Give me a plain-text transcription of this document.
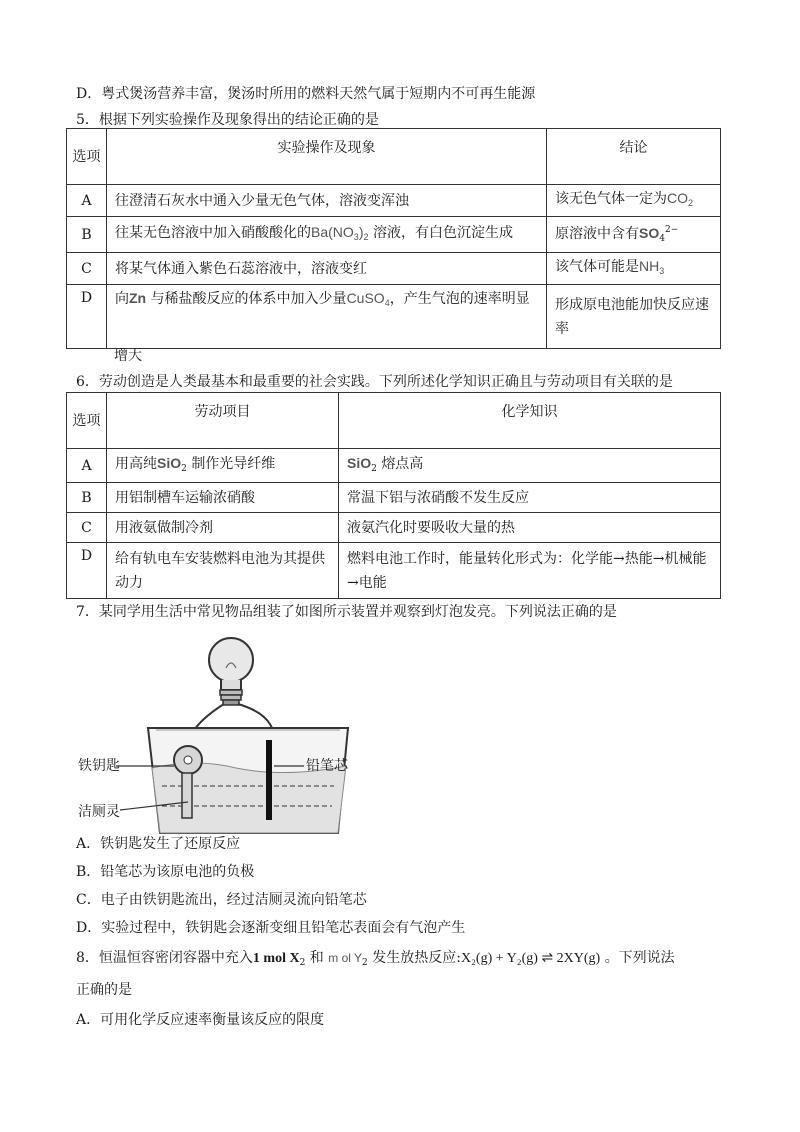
D．粤式煲汤营养丰富，煲汤时所用的燃料天然气属于短期内不可再生能源
5．根据下列实验操作及现象得出的结论正确的是
选项	实验操作及现象	结论
A	往澄清石灰水中通入少量无色气体，溶液变浑浊	该无色气体一定为$CO_2$
B	往某无色溶液中加入硝酸酸化的$Ba(NO_3)_2$ 溶液，有白色沉淀生成	原溶液中含有$SO_4^{2-}$
C	将某气体通入紫色石蕊溶液中，溶液变红	该气体可能是$NH_3$
D	向Zn 与稀盐酸反应的体系中加入少量CuSO$_4$，产生气泡的速率明显	形成原电池能加快反应速率
增大
6．劳动创造是人类最基本和最重要的社会实践。下列所述化学知识正确且与劳动项目有关联的是
选项	劳动项目	化学知识
A	用高纯SiO$_2$ 制作光导纤维	SiO$_2$ 熔点高
B	用铝制槽车运输浓硝酸	常温下铝与浓硝酸不发生反应
C	用液氨做制冷剂	液氨汽化时要吸收大量的热
D	给有轨电车安装燃料电池为其提供动力	燃料电池工作时，能量转化形式为：化学能→热能→机械能→电能
7．某同学用生活中常见物品组装了如图所示装置并观察到灯泡发亮。下列说法正确的是
铁钥匙	铅笔芯
洁厕灵
A．铁钥匙发生了还原反应
B．铅笔芯为该原电池的负极
C．电子由铁钥匙流出，经过洁厕灵流向铅笔芯
D．实验过程中，铁钥匙会逐渐变细且铅笔芯表面会有气泡产生
8．恒温恒容密闭容器中充入1 mol $X_2$ 和 m ol $Y_2$ 发生放热反应:X₂(g) + Y₂(g) ⇌ 2XY(g) 。下列说法
正确的是
A．可用化学反应速率衡量该反应的限度
